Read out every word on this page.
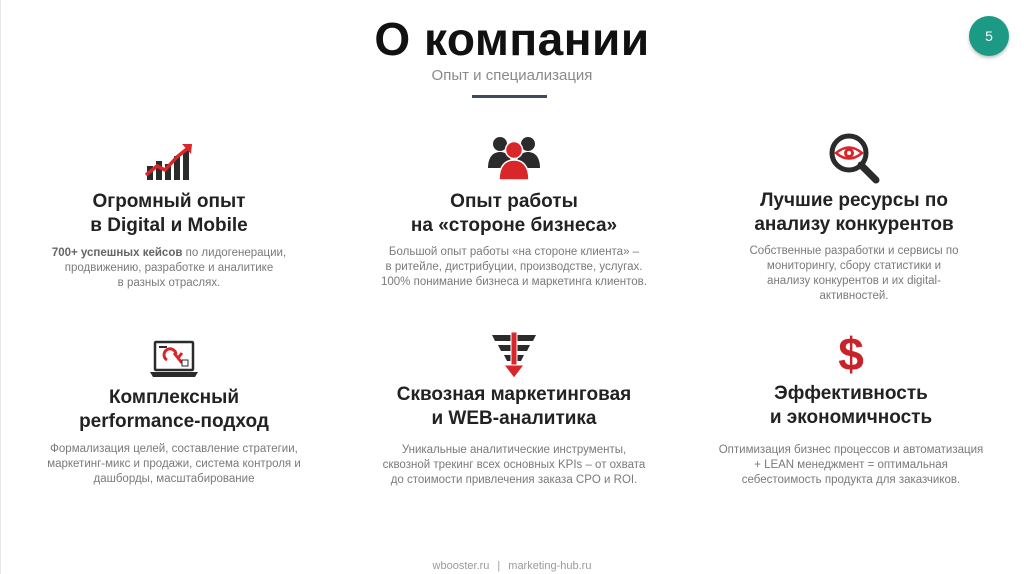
О компании
Опыт и специализация
5
Огромный опыт
в Digital и Mobile

700+ успешных кейсов по лидогенерации,
продвижению, разработке и аналитике
в разных отраслях.

Опыт работы
на «стороне бизнеса»

Большой опыт работы «на стороне клиента» –
в ритейле, дистрибуции, производстве, услугах.
100% понимание бизнеса и маркетинга клиентов.

Лучшие ресурсы по
анализу конкурентов

Собственные разработки и сервисы по
мониторингу, сбору статистики и
анализу конкурентов и их digital-
активностей.

Комплексный
performance-подход

Формализация целей, составление стратегии,
маркетинг-микс и продажи, система контроля и
дашборды, масштабирование

Сквозная маркетинговая
и WEB-аналитика

Уникальные аналитические инструменты,
сквозной трекинг всех основных KPIs – от охвата
до стоимости привлечения заказа CPO и ROI.

$
Эффективность
и экономичность

Оптимизация бизнес процессов и автоматизация
+ LEAN менеджмент = оптимальная
себестоимость продукта для заказчиков.

wbooster.ru | marketing-hub.ru
